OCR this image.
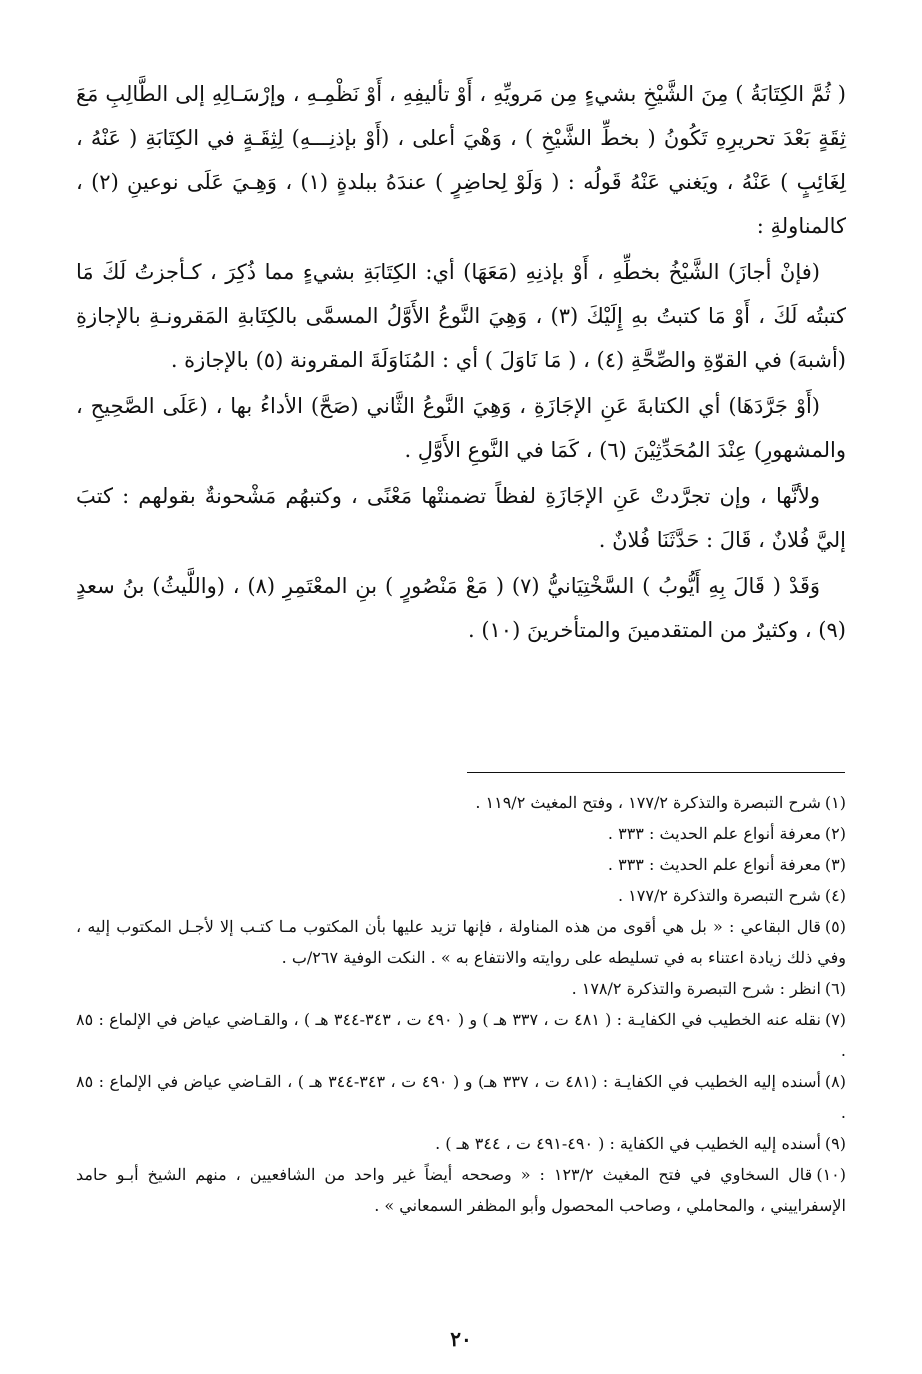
( ثُمَّ الكِتَابَةُ ) مِنَ الشَّيْخِ بشيءٍ مِن مَرويِّهِ ، أَوْ تأليفِهِ ، أَوْ نَظْمِـهِ ، وإرْسَـالِهِ إلى الطَّالِبِ مَعَ ثِقَةٍ بَعْدَ تحريرِهِ تَكُونُ ( بخطِّ الشَّيْخِ ) ، وَهْيَ أعلى ، (أَوْ بإذنِـــهِ) لِثِقَـةٍ في الكِتَابَةِ ( عَنْهُ ، لِغَائِبٍ ) عَنْهُ ، ويَغني عَنْهُ قَولُه : ( وَلَوْ لِحاضِرٍ ) عندَهُ ببلدةٍ (١) ، وَهِـيَ عَلَى نوعينِ (٢) ، كالمناولةِ :

(فإنْ أجازَ) الشَّيْخُ بخطِّهِ ، أَوْ بإذنِهِ (مَعَهَا) أي: الكِتَابَةِ بشيءٍ مما ذُكِرَ ، كـأجزتُ لَكَ مَا كتبتُه لَكَ ، أَوْ مَا كتبتُ بهِ إِلَيْكَ (٣) ، وَهِيَ النَّوعُ الأَوَّلُ المسمَّى بالكِتَابةِ المَقرونـةِ بالإجازةِ (أشبهَ) في القوّةِ والصِّحَّةِ (٤) ، ( مَا نَاوَلَ ) أي : المُنَاوَلَةَ المقرونة (٥) بالإجازة .

(أَوْ جَرَّدَهَا) أي الكتابةَ عَنِ الإجَازَةِ ، وَهِيَ النَّوعُ الثَّاني (صَحَّ) الأداءُ بها ، (عَلَى الصَّحِيحِ ، والمشهورِ) عِنْدَ المُحَدِّثِيْنَ (٦) ، كَمَا في النَّوعِ الأَوَّلِ .

ولأنَّها ، وإن تجرَّدتْ عَنِ الإجَازَةِ لفظاً تضمنتْها مَعْنًى ، وكتبهُم مَشْحونةٌ بقولهم : كتبَ إليَّ فُلانٌ ، قَالَ : حَدَّثَنَا فُلانٌ .

وَقَدْ ( قَالَ بِهِ أَيُّوبُ ) السَّخْتِيَانيُّ (٧) ( مَعْ مَنْصُورٍ ) بنِ المعْتَمِرِ (٨) ، (واللَّيثُ) بنُ سعدٍ (٩) ، وكثيرٌ من المتقدمينَ والمتأخرينَ (١٠) .

(١)شرح التبصرة والتذكرة ١٧٧/٢ ، وفتح المغيث ١١٩/٢ .

(٢)معرفة أنواع علم الحديث : ٣٣٣ .

(٣)معرفة أنواع علم الحديث : ٣٣٣ .

(٤)شرح التبصرة والتذكرة ١٧٧/٢ .

(٥)قال البقاعي : « بل هي أقوى من هذه المناولة ، فإنها تزيد عليها بأن المكتوب مـا كتـب إلا لأجـل المكتوب إليه ، وفي ذلك زيادة اعتناء به في تسليطه على روايته والانتفاع به » . النكت الوفية ٢٦٧/ب .

(٦)انظر : شرح التبصرة والتذكرة ١٧٨/٢ .

(٧)نقله عنه الخطيب في الكفايـة : ( ٤٨١ ت ، ٣٣٧ هـ ) و ( ٤٩٠ ت ، ٣٤٣-٣٤٤ هـ ) ، والقـاضي عياض في الإلماع : ٨٥ .

(٨)أسنده إليه الخطيب في الكفايـة : (٤٨١ ت ، ٣٣٧ هـ) و ( ٤٩٠ ت ، ٣٤٣-٣٤٤ هـ ) ، القـاضي عياض في الإلماع : ٨٥ .

(٩)أسنده إليه الخطيب في الكفاية : ( ٤٩٠-٤٩١ ت ، ٣٤٤ هـ ) .

(١٠)قال السخاوي في فتح المغيث ١٢٣/٢ : « وصححه أيضاً غير واحد من الشافعيين ، منهم الشيخ أبـو حامد الإسفراييني ، والمحاملي ، وصاحب المحصول وأبو المظفر السمعاني » .

٢٠
